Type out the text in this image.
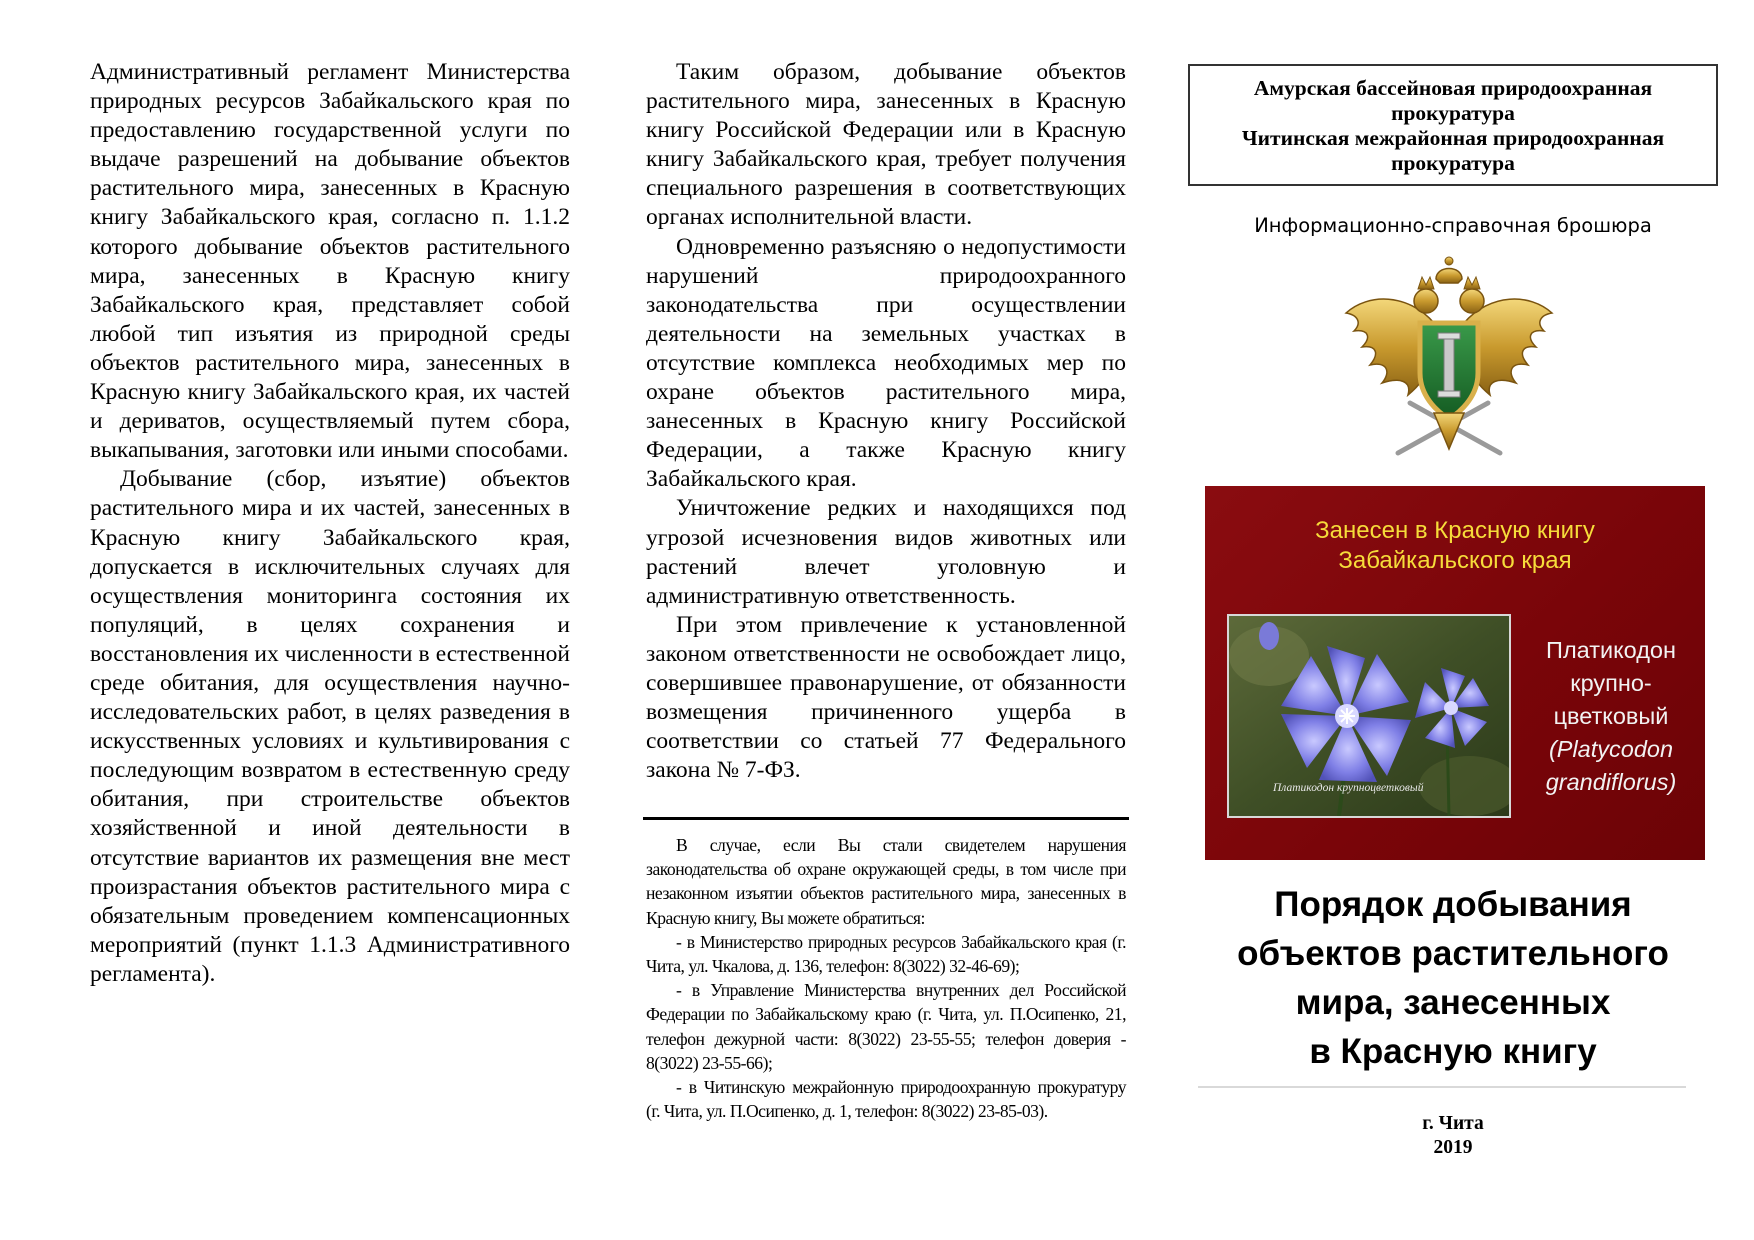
Административный регламент Министерства природных ресурсов Забайкальского края по предоставлению государственной услуги по выдаче разрешений на добывание объектов растительного мира, занесенных в Красную книгу Забайкальского края, согласно п. 1.1.2 которого добывание объектов растительного мира, занесенных в Красную книгу Забайкальского края, представляет собой любой тип изъятия из природной среды объектов растительного мира, занесенных в Красную книгу Забайкальского края, их частей и дериватов, осуществляемый путем сбора, выкапывания, заготовки или иными способами.

Добывание (сбор, изъятие) объектов растительного мира и их частей, занесенных в Красную книгу Забайкальского края, допускается в исключительных случаях для осуществления мониторинга состояния их популяций, в целях сохранения и восстановления их численности в естественной среде обитания, для осуществления научно-исследовательских работ, в целях разведения в искусственных условиях и культивирования с последующим возвратом в естественную среду обитания, при строительстве объектов хозяйственной и иной деятельности в отсутствие вариантов их размещения вне мест произрастания объектов растительного мира с обязательным проведением компенсационных мероприятий (пункт 1.1.3 Административного регламента).

Таким образом, добывание объектов растительного мира, занесенных в Красную книгу Российской Федерации или в Красную книгу Забайкальского края, требует получения специального разрешения в соответствующих органах исполнительной власти.

Одновременно разъясняю о недопустимости нарушений природоохранного законодательства при осуществлении деятельности на земельных участках в отсутствие комплекса необходимых мер по охране объектов растительного мира, занесенных в Красную книгу Российской Федерации, а также Красную книгу Забайкальского края.

Уничтожение редких и находящихся под угрозой исчезновения видов животных или растений влечет уголовную и административную ответственность.

При этом привлечение к установленной законом ответственности не освобождает лицо, совершившее правонарушение, от обязанности возмещения причиненного ущерба в соответствии со статьей 77 Федерального закона № 7-ФЗ.

В случае, если Вы стали свидетелем нарушения законодательства об охране окружающей среды, в том числе при незаконном изъятии объектов растительного мира, занесенных в Красную книгу, Вы можете обратиться:

- в Министерство природных ресурсов Забайкальского края (г. Чита, ул. Чкалова, д. 136, телефон: 8(3022) 32-46-69);

- в Управление Министерства внутренних дел Российской Федерации по Забайкальскому краю (г. Чита, ул. П.Осипенко, 21, телефон дежурной части: 8(3022) 23-55-55; телефон доверия - 8(3022) 23-55-66);

- в Читинскую межрайонную природоохранную прокуратуру (г. Чита, ул. П.Осипенко, д. 1, телефон: 8(3022) 23-85-03).

Амурская бассейновая природоохранная
прокуратура
Читинская межрайонная природоохранная
прокуратура
Информационно-справочная брошюра
Занесен в Красную книгу
Забайкальского края
Платикодон крупноцветковый
Платикодон
крупно-
цветковый
(Platycodon
grandiflorus)
Порядок добывания
объектов растительного
мира, занесенных
в Красную книгу
г. Чита
2019
